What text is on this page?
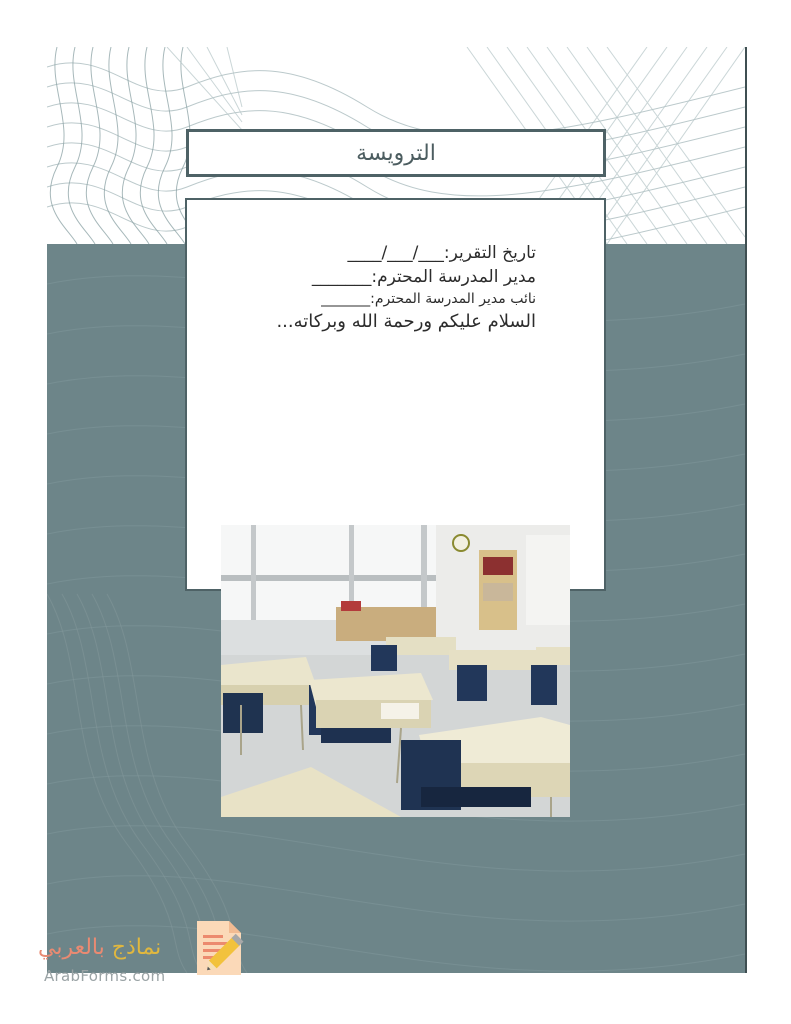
الترويسة
تاريخ التقرير:___/___/____
مدير المدرسة المحترم:_______
نائب مدير المدرسة المحترم:_______
السلام عليكم ورحمة الله وبركاته...
نماذج بالعربي
ArabForms.com
